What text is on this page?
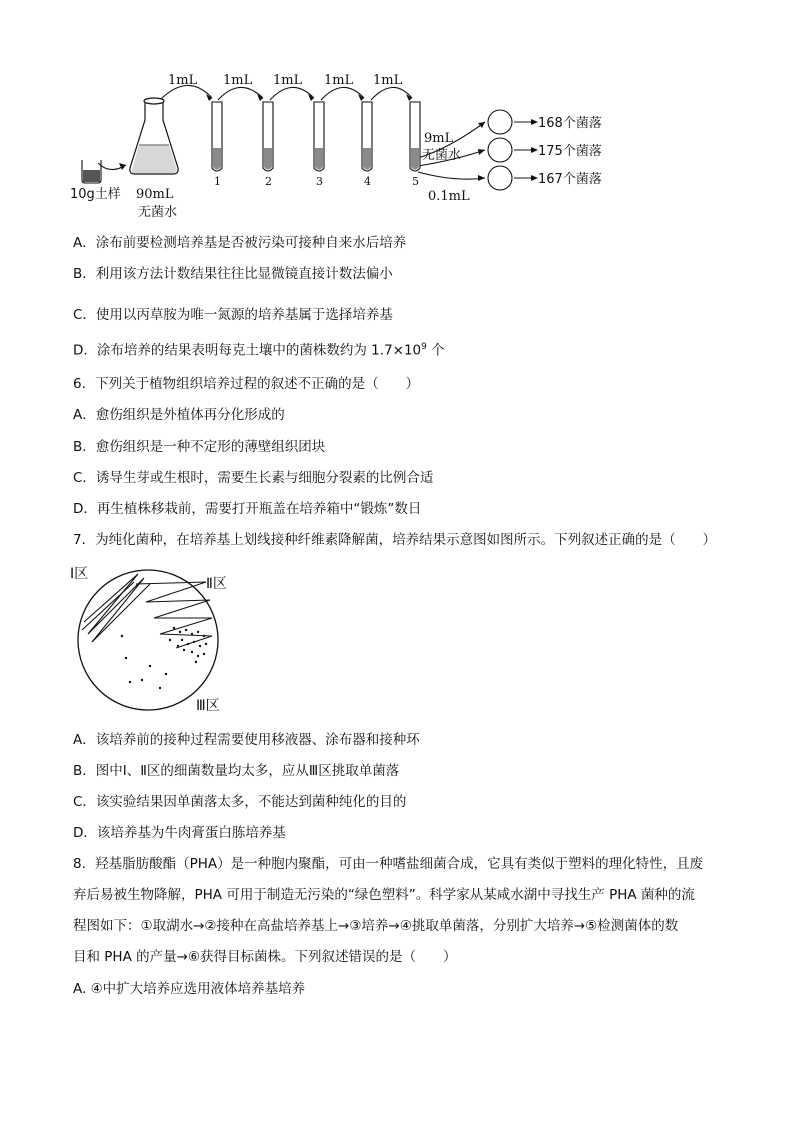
1mL 1mL 1mL 1mL 1mL
1	2	3	4	5
10g土样 90mL
无菌水
9mL
无菌水
0.1mL
168个菌落
175个菌落
167个菌落
A．涂布前要检测培养基是否被污染可接种自来水后培养
B．利用该方法计数结果往往比显微镜直接计数法偏小
C．使用以丙草胺为唯一氮源的培养基属于选择培养基
D．涂布培养的结果表明每克土壤中的菌株数约为 $1.7\times 10^9$ 个
6．下列关于植物组织培养过程的叙述不正确的是（　　）
A．愈伤组织是外植体再分化形成的
B．愈伤组织是一种不定形的薄壁组织团块
C．诱导生芽或生根时，需要生长素与细胞分裂素的比例合适
D．再生植株移栽前，需要打开瓶盖在培养箱中“锻炼”数日
7．为纯化菌种，在培养基上划线接种纤维素降解菌，培养结果示意图如图所示。下列叙述正确的是（　　）
Ⅰ区
Ⅱ区
Ⅲ区
A．该培养前的接种过程需要使用移液器、涂布器和接种环
B．图中Ⅰ、Ⅱ区的细菌数量均太多，应从Ⅲ区挑取单菌落
C．该实验结果因单菌落太多，不能达到菌种纯化的目的
D．该培养基为牛肉膏蛋白胨培养基
8．羟基脂肪酸酯（PHA）是一种胞内聚酯，可由一种嗜盐细菌合成，它具有类似于塑料的理化特性，且废
弃后易被生物降解，PHA 可用于制造无污染的“绿色塑料”。科学家从某咸水湖中寻找生产 PHA 菌种的流
程图如下：①取湖水→②接种在高盐培养基上→③培养→④挑取单菌落，分别扩大培养→⑤检测菌体的数
目和 PHA 的产量→⑥获得目标菌株。下列叙述错误的是（　　）
A. ④中扩大培养应选用液体培养基培养
